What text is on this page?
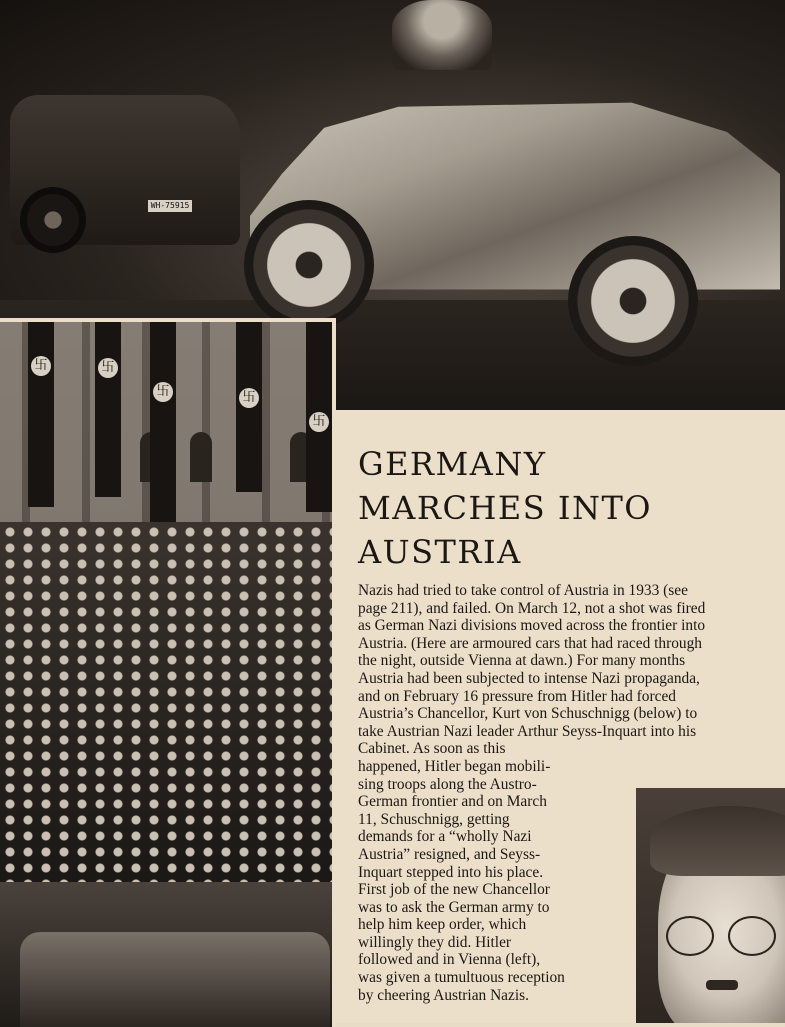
WH-75915
卐	卐
卐	卐
卐
GERMANY
MARCHES INTO
AUSTRIA
Nazis had tried to take control of Austria in 1933 (see
page 211), and failed. On March 12, not a shot was fired
as German Nazi divisions moved across the frontier into
Austria. (Here are armoured cars that had raced through
the night, outside Vienna at dawn.) For many months
Austria had been subjected to intense Nazi propaganda,
and on February 16 pressure from Hitler had forced
Austria’s Chancellor, Kurt von Schuschnigg (below) to
take Austrian Nazi leader Arthur Seyss-Inquart into his
Cabinet. As soon as this
happened, Hitler began mobili-
sing troops along the Austro-
German frontier and on March
11, Schuschnigg, getting
demands for a “wholly Nazi
Austria” resigned, and Seyss-
Inquart stepped into his place.
First job of the new Chancellor
was to ask the German army to
help him keep order, which
willingly they did. Hitler
followed and in Vienna (left),
was given a tumultuous reception
by cheering Austrian Nazis.
